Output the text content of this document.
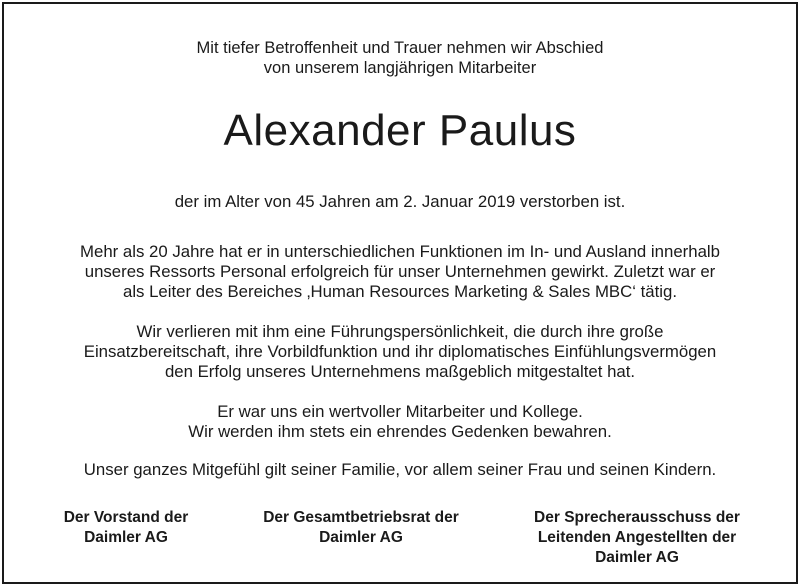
Mit tiefer Betroffenheit und Trauer nehmen wir Abschied
von unserem langjährigen Mitarbeiter
Alexander Paulus
der im Alter von 45 Jahren am 2. Januar 2019 verstorben ist.
Mehr als 20 Jahre hat er in unterschiedlichen Funktionen im In- und Ausland innerhalb
unseres Ressorts Personal erfolgreich für unser Unternehmen gewirkt. Zuletzt war er
als Leiter des Bereiches ‚Human Resources Marketing & Sales MBC‘ tätig.
Wir verlieren mit ihm eine Führungspersönlichkeit, die durch ihre große
Einsatzbereitschaft, ihre Vorbildfunktion und ihr diplomatisches Einfühlungsvermögen
den Erfolg unseres Unternehmens maßgeblich mitgestaltet hat.
Er war uns ein wertvoller Mitarbeiter und Kollege.
Wir werden ihm stets ein ehrendes Gedenken bewahren.
Unser ganzes Mitgefühl gilt seiner Familie, vor allem seiner Frau und seinen Kindern.
Der Vorstand der
Daimler AG
Der Gesamtbetriebsrat der
Daimler AG
Der Sprecherausschuss der
Leitenden Angestellten der
Daimler AG
